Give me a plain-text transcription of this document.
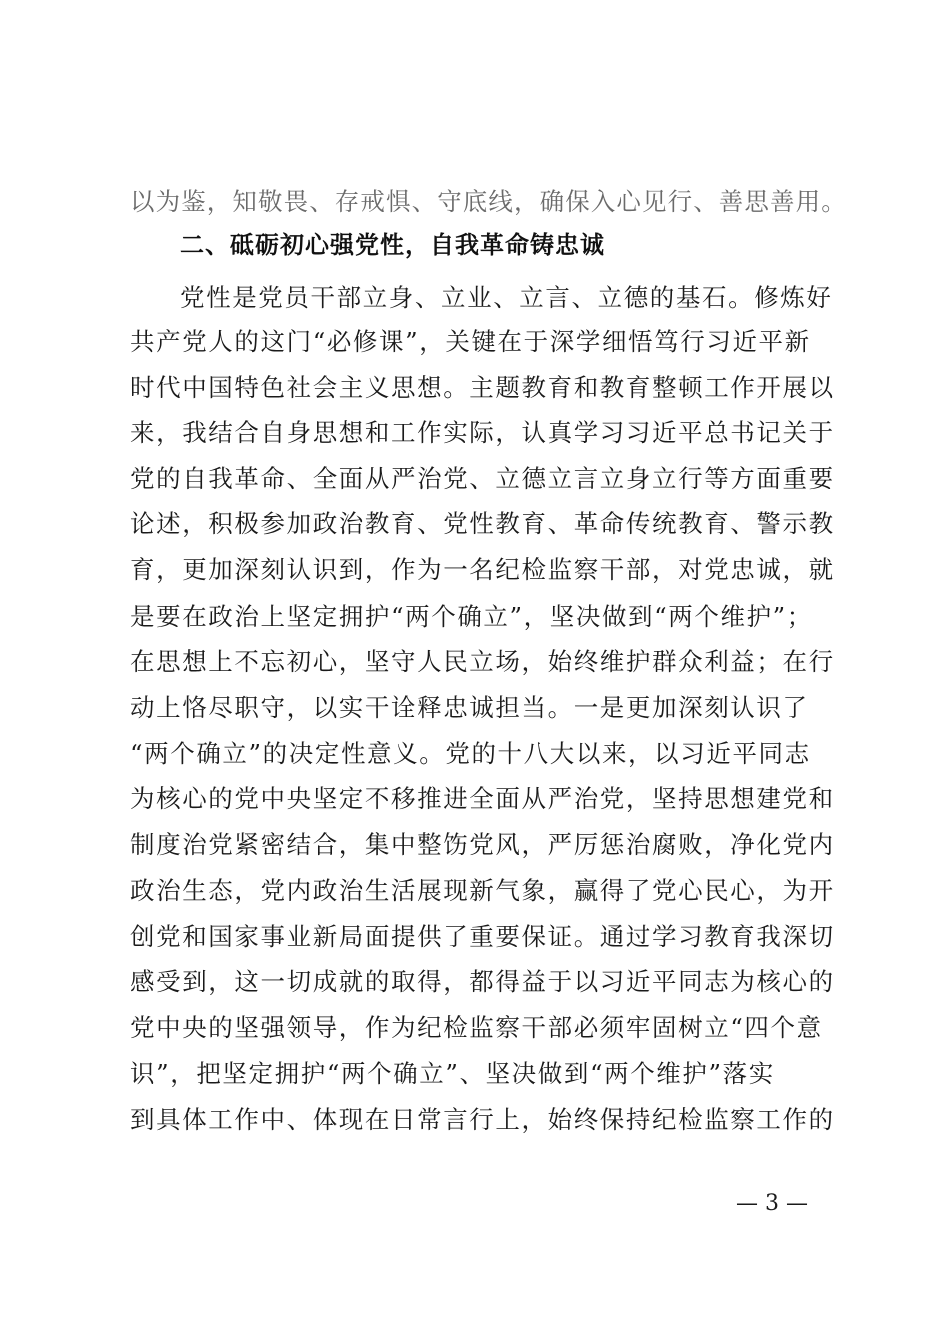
以为鉴，知敬畏、存戒惧、守底线，确保入心见行、善思善用。
二、砥砺初心强党性，自我革命铸忠诚
党性是党员干部立身、立业、立言、立德的基石。修炼好
共产党人的这门“必修课”，关键在于深学细悟笃行习近平新
时代中国特色社会主义思想。主题教育和教育整顿工作开展以
来，我结合自身思想和工作实际，认真学习习近平总书记关于
党的自我革命、全面从严治党、立德立言立身立行等方面重要
论述，积极参加政治教育、党性教育、革命传统教育、警示教
育，更加深刻认识到，作为一名纪检监察干部，对党忠诚，就
是要在政治上坚定拥护“两个确立”，坚决做到“两个维护”；
在思想上不忘初心，坚守人民立场，始终维护群众利益；在行
动上恪尽职守，以实干诠释忠诚担当。一是更加深刻认识了
“两个确立”的决定性意义。党的十八大以来，以习近平同志
为核心的党中央坚定不移推进全面从严治党，坚持思想建党和
制度治党紧密结合，集中整饬党风，严厉惩治腐败，净化党内
政治生态，党内政治生活展现新气象，赢得了党心民心，为开
创党和国家事业新局面提供了重要保证。通过学习教育我深切
感受到，这一切成就的取得，都得益于以习近平同志为核心的
党中央的坚强领导，作为纪检监察干部必须牢固树立“四个意
识”，把坚定拥护“两个确立”、坚决做到“两个维护”落实
到具体工作中、体现在日常言行上，始终保持纪检监察工作的
— 3 —
